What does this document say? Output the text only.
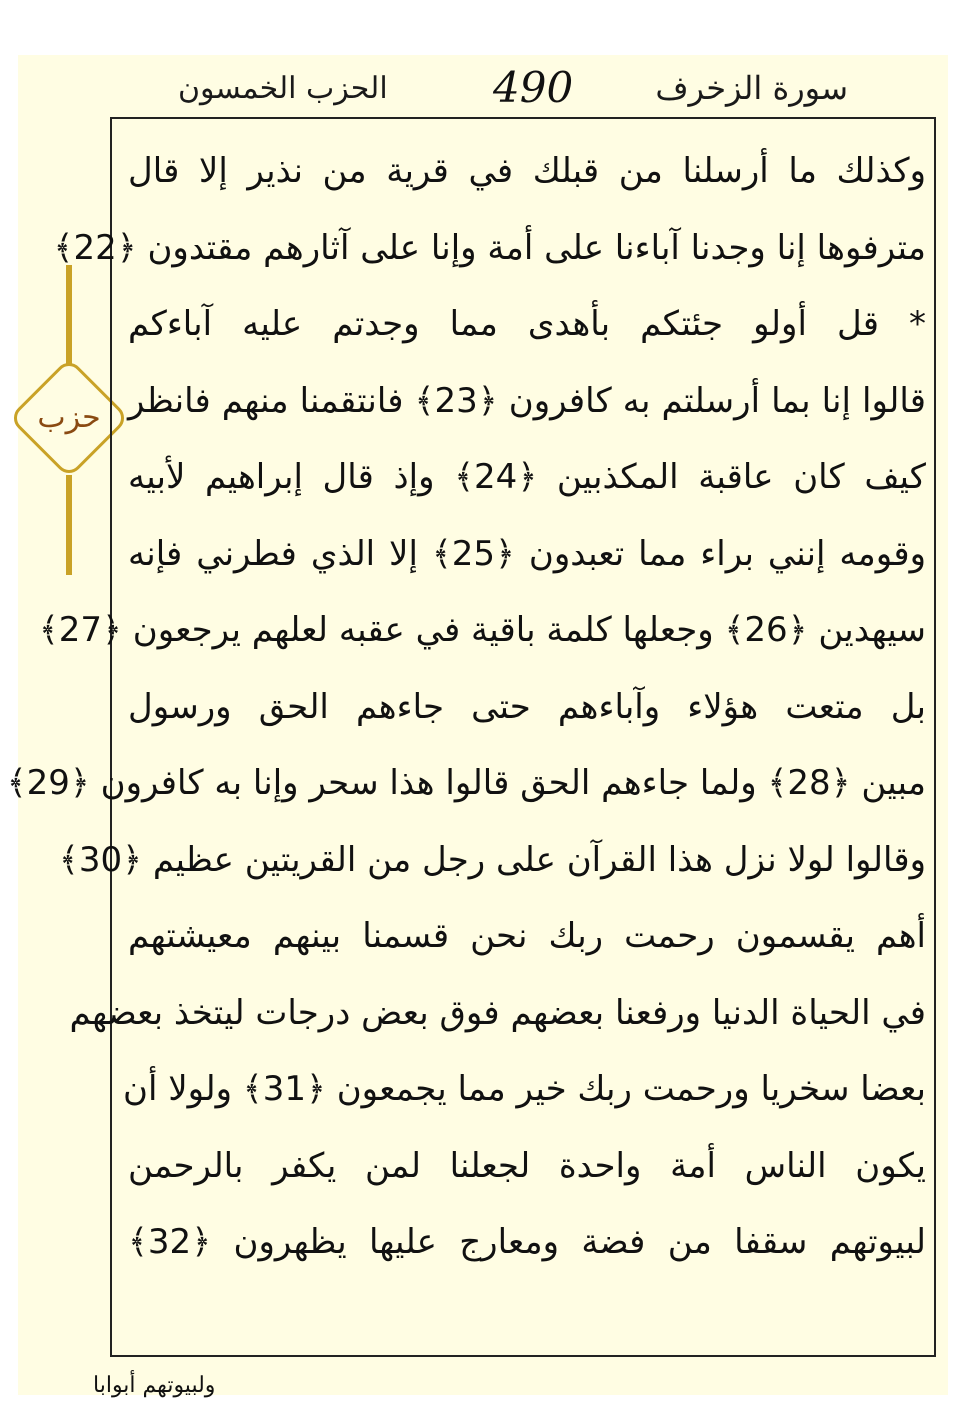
الحزب الخمسون	490	سورة الزخرف
حزب
وكذلك ما أرسلنا من قبلك في قرية من نذير إلا قال
مترفوها إنا وجدنا آباءنا على أمة وإنا على آثارهم مقتدون ﴿22﴾
* قل أولو جئتكم بأهدى مما وجدتم عليه آباءكم
قالوا إنا بما أرسلتم به كافرون ﴿23﴾ فانتقمنا منهم فانظر
كيف كان عاقبة المكذبين ﴿24﴾ وإذ قال إبراهيم لأبيه
وقومه إنني براء مما تعبدون ﴿25﴾ إلا الذي فطرني فإنه
سيهدين ﴿26﴾ وجعلها كلمة باقية في عقبه لعلهم يرجعون ﴿27﴾
بل متعت هؤلاء وآباءهم حتى جاءهم الحق ورسول
مبين ﴿28﴾ ولما جاءهم الحق قالوا هذا سحر وإنا به كافرون ﴿29﴾
وقالوا لولا نزل هذا القرآن على رجل من القريتين عظيم ﴿30﴾
أهم يقسمون رحمت ربك نحن قسمنا بينهم معيشتهم
في الحياة الدنيا ورفعنا بعضهم فوق بعض درجات ليتخذ بعضهم
بعضا سخريا ورحمت ربك خير مما يجمعون ﴿31﴾ ولولا أن
يكون الناس أمة واحدة لجعلنا لمن يكفر بالرحمن
لبيوتهم سقفا من فضة ومعارج عليها يظهرون ﴿32﴾
ولبيوتهم أبوابا
